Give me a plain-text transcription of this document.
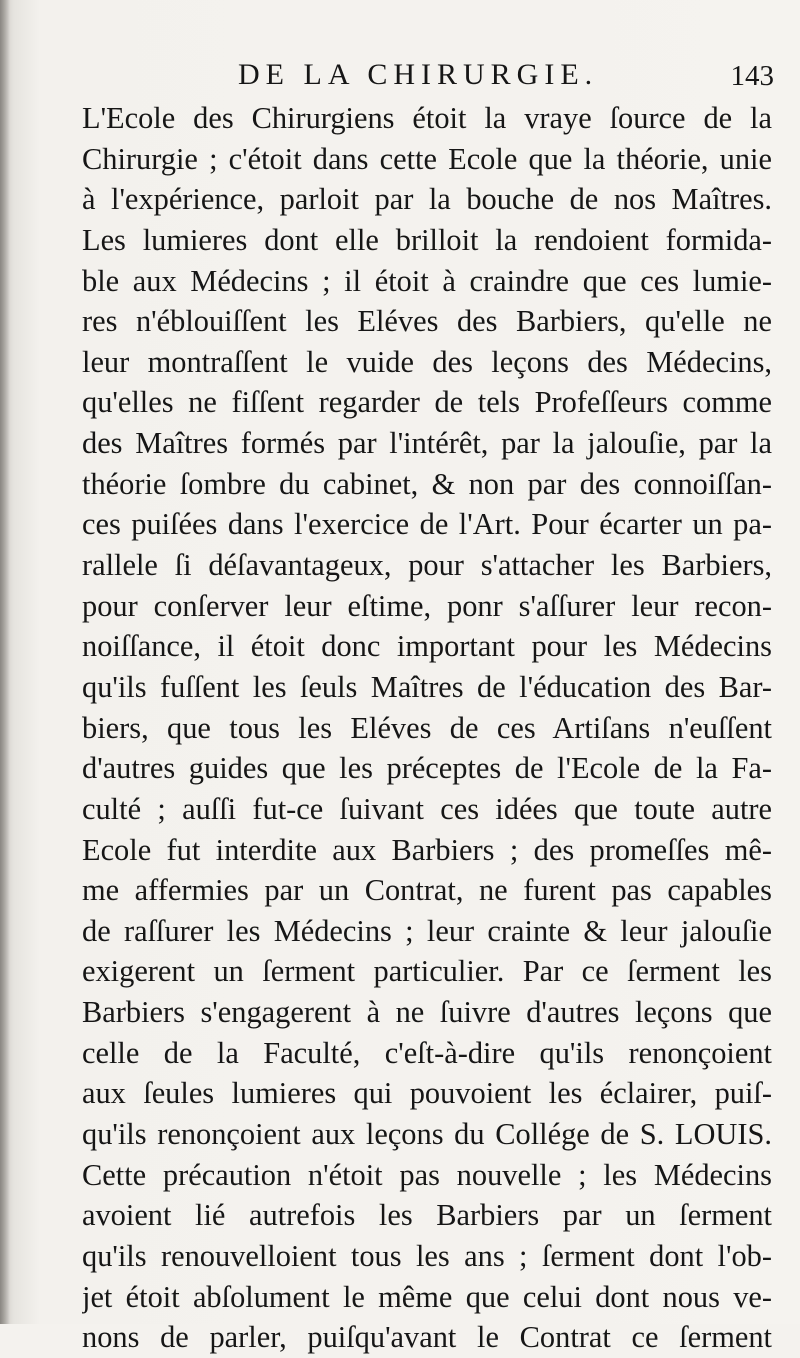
DE LA CHIRURGIE.	143
L'Ecole des Chirurgiens étoit la vraye ſource de la
Chirurgie ; c'étoit dans cette Ecole que la théorie, unie
à l'expérience, parloit par la bouche de nos Maîtres.
Les lumieres dont elle brilloit la rendoient formida-
ble aux Médecins ; il étoit à craindre que ces lumie-
res n'éblouiſſent les Eléves des Barbiers, qu'elle ne
leur montraſſent le vuide des leçons des Médecins,
qu'elles ne fiſſent regarder de tels Profeſſeurs comme
des Maîtres formés par l'intérêt, par la jalouſie, par la
théorie ſombre du cabinet, & non par des connoiſſan-
ces puiſées dans l'exercice de l'Art. Pour écarter un pa-
rallele ſi déſavantageux, pour s'attacher les Barbiers,
pour conſerver leur eſtime, ponr s'aſſurer leur recon-
noiſſance, il étoit donc important pour les Médecins
qu'ils fuſſent les ſeuls Maîtres de l'éducation des Bar-
biers, que tous les Eléves de ces Artiſans n'euſſent
d'autres guides que les préceptes de l'Ecole de la Fa-
culté ; auſſi fut-ce ſuivant ces idées que toute autre
Ecole fut interdite aux Barbiers ; des promeſſes mê-
me affermies par un Contrat, ne furent pas capables
de raſſurer les Médecins ; leur crainte & leur jalouſie
exigerent un ſerment particulier. Par ce ſerment les
Barbiers s'engagerent à ne ſuivre d'autres leçons que
celle de la Faculté, c'eſt-à-dire qu'ils renonçoient
aux ſeules lumieres qui pouvoient les éclairer, puiſ-
qu'ils renonçoient aux leçons du Collége de S. LOUIS.
Cette précaution n'étoit pas nouvelle ; les Médecins
avoient lié autrefois les Barbiers par un ſerment
qu'ils renouvelloient tous les ans ; ſerment dont l'ob-
jet étoit abſolument le même que celui dont nous ve-
nons de parler, puiſqu'avant le Contrat ce ſerment
